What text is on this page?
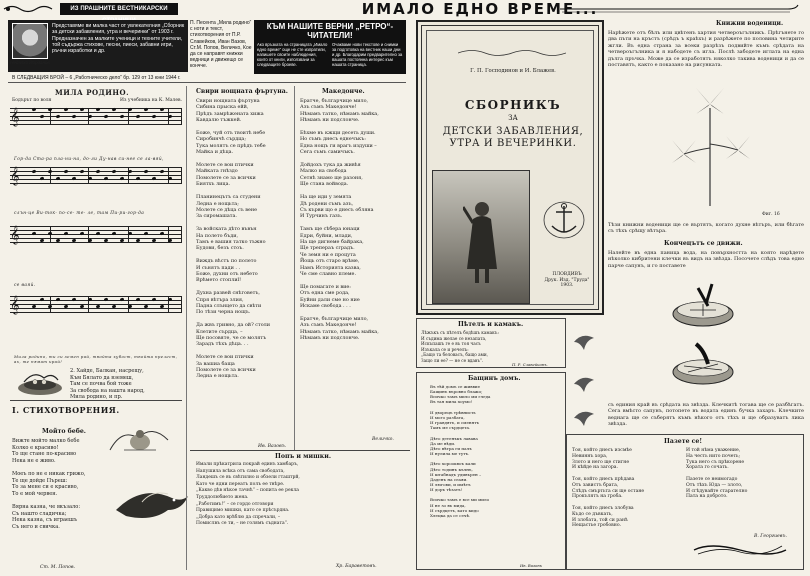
ИЗ ПРАШНИТЕ ВЕСТНИКАРСКИ	ИМАЛО ЕДНО ВРЕМЕ...
Представяме ви малка част от увлекателния „Сборник за детски забавления, утра и вечеринки“ от 1903 г. Предназначен за малките ученици и техните учители, той съдържа стихове, песни, пиеси, забавни игри, ръчни изработки и др.
Недялко Йорданов
П. Песента „Мила родино“ с ноти и текст, стихотворения от П.Р. Славейков, Иван Вазов, Ст.М. Попов, Величко, Кое да се направят книжки ведници и движещо се кончче.
КЪМ НАШИТЕ ВЕРНИ „РЕТРО“-ЧИТАТЕЛИ!
Ако връзката на страницата „Имало едно време“ още не сте изпратили, напишете своите наблюдения, които от книги, използвани за следващите броеве.
Очакваме нови текстове и снимки за подготовка на вестник наши дни и др. Благодарим предварително за вашата постоянна интерес към нашата страница.
В СЛЕДВАЩИЯ БРОЙ – 6 „Работническо дело“ бр. 129 от 13 юни 1944 г.
МИЛА РОДИНО.
Бодърът по воля	Из учебника на К. Малев.
𝄞
𝄞
𝄞
𝄞
Гор-да Ста-ра пла-ни-на, до-ли Ду-нав си-нее се ла-вяй,
слън-це Ви-ток- по-се- те- ле, там Пи-ри-гор-да
се ваяй.
Мила родино, ти си земен рай, твойта хубост, твойта прелест, ах, те нямат край!
2. Хайде, Балкан, насрещу,
Към Бялато да вземеш,
Там се почва бой тоже
За свобода на нашта народ,
Мила родино, и пр.
I. СТИХОТВОРЕНИЯ.
Мойто бебе.
Вижте мойто малко бебе
Колко е красиво!
То ще стане по-красиво
Нека не е живо.

Моеъ по не е никак грижо,
Те ще дойде Пъреш:
То за мене си е красиво,
То е мой червен.

Вярна казна, че вкъзало:
Съ нашто сладичка;
Нека казна, съ играешъ
Съ него и свичка.
Ст. М. Попов.
Свири нощната фъртуна.
Свири нощната фъртуна
Сибина прыска ейй,
Прѣдъ замрѣжената хижа
Кавдалю тъжкей.

Боже, чуй отъ твоитѣ небе
Сиробинчѣ сърдца;
Тука молятъ се прѣдъ тебе
Майка и дѣца.

Молете се вои птички
Майката гнѣздо
Помолете се за всички
Биятхъ лица.

Планинецътъ са студени
Ледна е нощьта;
Молете се дѣца съ вене
За сиромашата.

За войската дѣто въвън
На полето бъди,
Тамъ е вашия татко тъжно
Будови, безъ стоъ.

Виждъ вѣстъ по полето
И сънятъ пади . .
Боже, духни отъ небето
Врѣмето стоплиl!

Духна развей снѣговетъ,
Спря вѣтъра злия,
Падна слънцето да свѣти
По тѣзи черна нощъ.

Да жвъ гривно, да ой? столи
Клетите сърдца, –
Ще посовяте, че се молятъ
Зарадъ тѣхъ дѣца. . .

Молете се вои птички
За вашиа баща
Помолете се за всички
Ледна е нощьта.
Ив. Вазовъ.
Македонче.
Братче, българчице мило,
Азъ съмъ Македонче!
Нѣмамъ татко, нѣмамъ майка,
Нѣмамъ ни подслонче.

Бѣхме въ кжщи десеть души.
Но съмъ днесъ еднечъкъ:
Една нощъ ги врагъ издуши –
Сега съмъ самичъкъ.

Дойдохъ тука да живѣя
Малко на свобода
Сетнѣ знамо ще разоня,
Ще стана войвода.

На ще иди у земята
Дѣ родени съмъ азъ,
Съ кърви що е днесъ обляна
И Турчинъ газъ.

Тамъ ще сѣбера юнаци
Едри, буйни, млади,
На ще дигнеме байрака,
Ще трепераъ сградъ.
Че земя ни е процута
Йощь отъ старо врѣме,
Намъ Историята казва,
Че сме славно племе.

Ще помагате и вие:
Отъ една сме рода,
Буйни дали сме но ние
Искаме свобода . . .

Братче, българчице мило,
Азъ съмъ Македонче!
Нѣмамъ татко, нѣмамъ майка,
Нѣмамъ ни подслонче.
Величко.
Попъ и мишки.
Имали прѣкатрила покрай единъ хамбаръ,
Напушила всѣка отъ сама свободата,
Ландешъ се въ свѣтилно и обзели гташтрй,
Като че ядни переатъ полъ ее тнѣре.
„Какво дѣв нѣкое тачнѣ“ – попита ее рекла
Труддолюбието жена.
„Работимъ!“ – се гордо отговори
Правицимо мишки, като се прѣсърдна.
„Добра като врѣблю да спречали, –
Помислвъ се ти, – не голямъ съдната“.
Хр. Бараветовъ.
Г. П. Господинов и И. Блажев.
СБОРНИКЪ
ЗА
ДЕТСКИ ЗАБАВЛЕНИЯ,
УТРА И ВЕЧЕРИНКИ.
ПЛОВДИВЪ
Друк. Изд. "Труда"
1903.
Пѣтелъ и камакъ.
Лѣжъкъ съ пѣтелъ бодѣшъ камакъ:
И съдима желае се незапата,
Искъпашъ ге е въ тоя часъ
Изъкала се и речелъ:
„Бащо та беловасъ, бащо ами,
Защо ли ее? — не се вдавъ“.
П. Р. Славейковъ.
Бащинъ домъ.
Въ тѣй домъ се живвие
Бащинъ въровно блажо;
Всичко тамъ мило ми гледа
Въ тая мила хоумо!

И дворецъ трѣвнисть
И мого разбата,
И гравдятъ, и сменятъ
Тамъ ме сърдцета.

Дѣто детенъкъ лавава
Да ме вѣди.
Дѣто вѣтра ги палъ
И нулила ме тутъ.

Дѣто хорооквоъ кали
Дѣто тодинъ кълнъ,
И штабнадъ удивърен –
Даденъ на сеаяи.
И люгови, и имѣтъ
И доръ тѣзатъ!

Всичко тамъ е все ми мило
И не зо въ мида,
И сърдцетъ, като кидо
Хлецка да се сечѣ.
Ив. Вазовъ
Книжни воденици.
Нарѣжете отъ бѣлъ или цвѣтенъ хартия четвероъгълникъ. Прѣгънете го два пъти на кръстъ (срѣдъ ъ краѣхъ) и разрѣжете по половина четирите жгли. Въ една страна за всеки разрѣзъ подвийте къмъ срѣдата на четвероъгълника и я набодете съ игла. Послѣ забодете иглата на една дълга пръчка. Може да се изработятъ няколко такива воденици и да се поставятъ, както е показано на рисунката.
Фиг. 16
Тѣзи книжни воденици ще се въртятъ, когато духне вѣтъръ, или бѣгате съ тѣхъ срѣщу вѣтъра.
Кончецътъ се движи.
Налейте въ една паница вода, на повърхността на която нарѣдете нѣколко кибритени клечки въ видъ на звѣзда. Посочете слѣдъ това едно парче сапунъ, и го поставете
съ единия край въ срѣдата на звѣзда. Клечкитѣ тогава ще се разбѣгатъ. Сега вмѣсто сапунъ, потопете въ водата единъ бучка захаръ. Клечките веднага ще се съберятъ къмъ нѣкого отъ тѣхъ и ще образуватъ лика звѣзда.
Пазете се!
Тоя, който днесъ изсмѣе
Невиннъ хора,
Злото и него ще стигне
И кѣйде на загора.

Тоя, който днесъ прѣдава
Отъ завистъ брата,
Слѣдъ смъртьта си ще остане
Прокълятъ на гроба.

Тоя, който днесъ злобува
Къдо се дъвкать,
И злобата, той си ранѣ
Нещастье гробовно.
И той нѣма уважение,
На честь нито почеть;
Тука него съ прѣкорене
Хората го сочать.

Пазете се неимогадо
Отъ тѣхъ Юда — злото,
И сгѣдувайте старателно
Пата на доброто.
В. Георгиевъ.
